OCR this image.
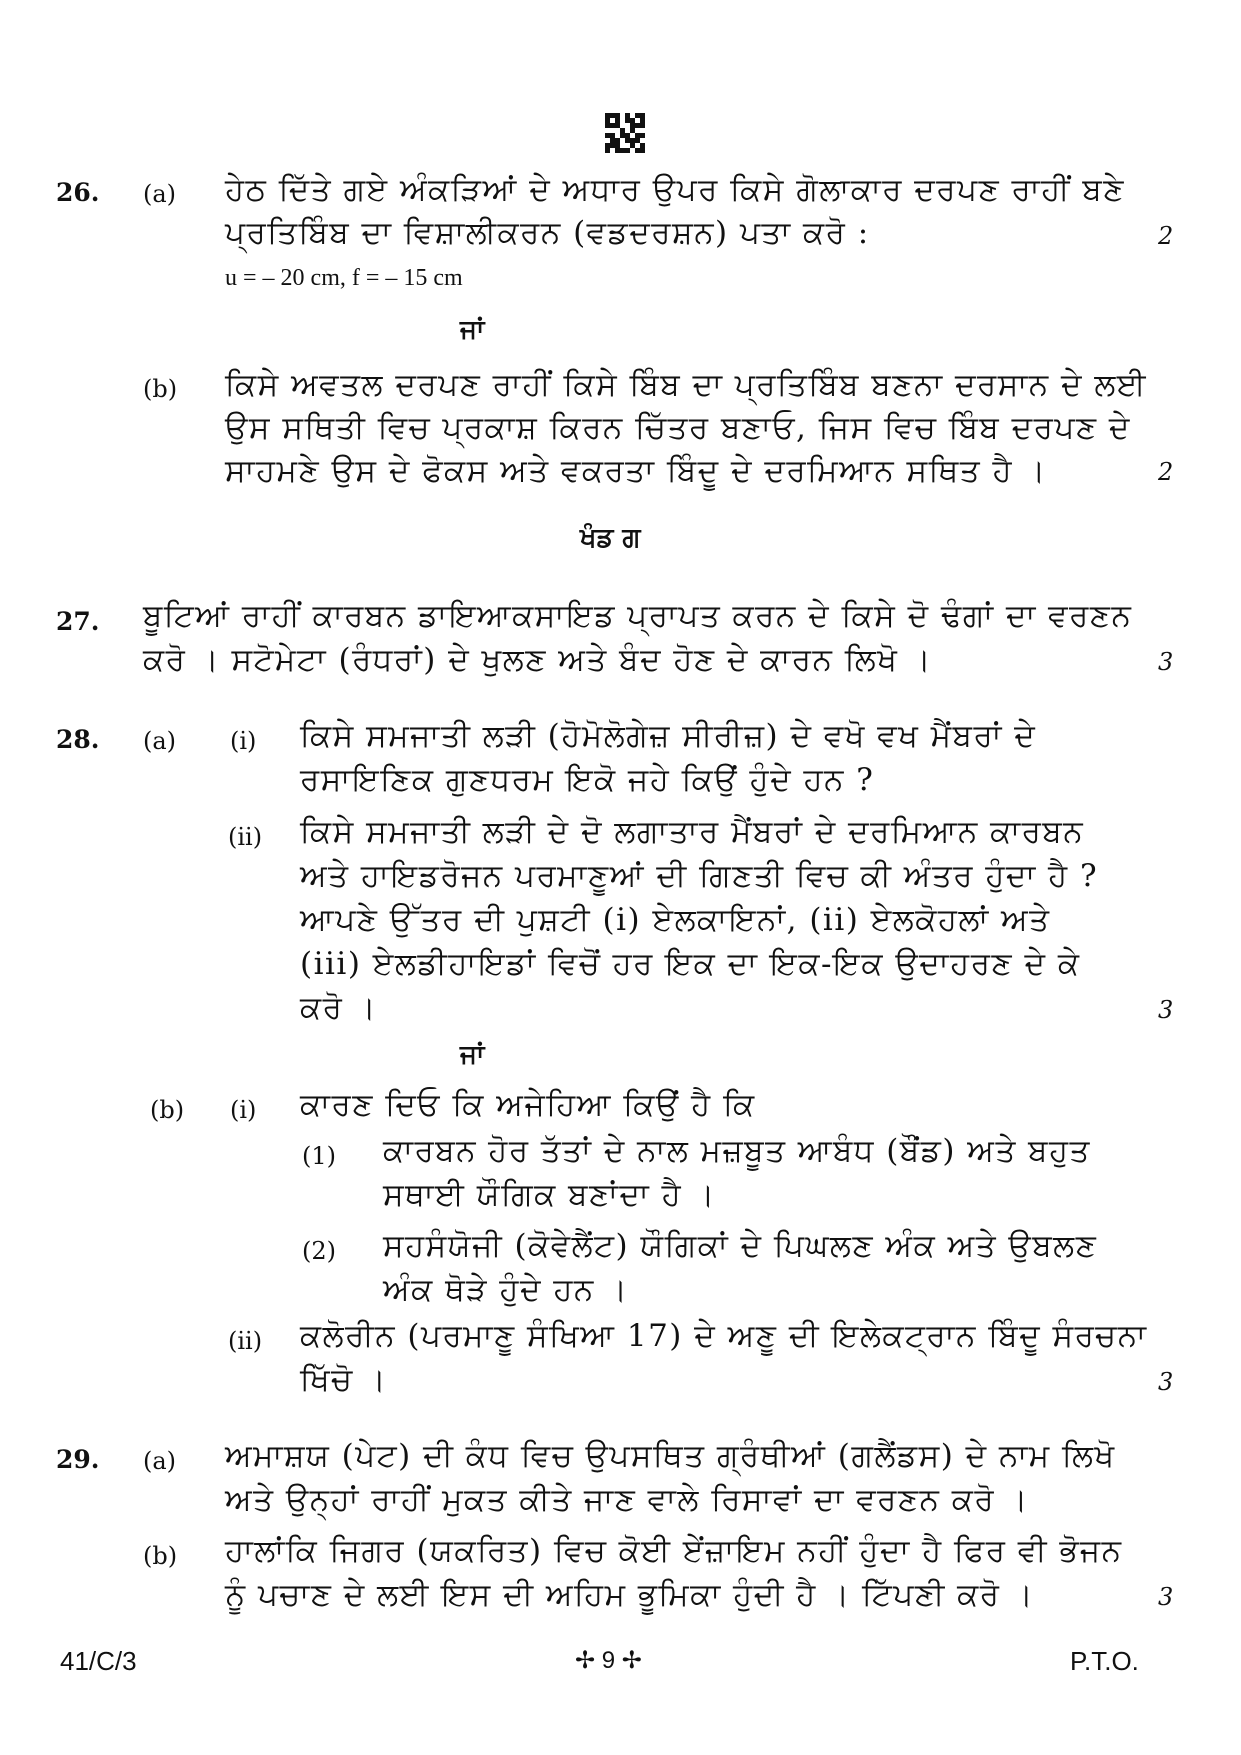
26. (a) ਹੇਠ ਦਿੱਤੇ ਗਏ ਅੰਕੜਿਆਂ ਦੇ ਅਧਾਰ ਉਪਰ ਕਿਸੇ ਗੋਲਾਕਾਰ ਦਰਪਣ ਰਾਹੀਂ ਬਣੇ
ਪ੍ਰਤਿਬਿੰਬ ਦਾ ਵਿਸ਼ਾਲੀਕਰਨ (ਵਡਦਰਸ਼ਨ) ਪਤਾ ਕਰੋ :	2
u = – 20 cm, f = – 15 cm
ਜਾਂ
(b) ਕਿਸੇ ਅਵਤਲ ਦਰਪਣ ਰਾਹੀਂ ਕਿਸੇ ਬਿੰਬ ਦਾ ਪ੍ਰਤਿਬਿੰਬ ਬਣਨਾ ਦਰਸਾਨ ਦੇ ਲਈ
ਉਸ ਸਥਿਤੀ ਵਿਚ ਪ੍ਰਕਾਸ਼ ਕਿਰਨ ਚਿੱਤਰ ਬਣਾਓ, ਜਿਸ ਵਿਚ ਬਿੰਬ ਦਰਪਣ ਦੇ
ਸਾਹਮਣੇ ਉਸ ਦੇ ਫੋਕਸ ਅਤੇ ਵਕਰਤਾ ਬਿੰਦੂ ਦੇ ਦਰਮਿਆਨ ਸਥਿਤ ਹੈ ।	2
ਖੰਡ ਗ
27. ਬੂਟਿਆਂ ਰਾਹੀਂ ਕਾਰਬਨ ਡਾਇਆਕਸਾਇਡ ਪ੍ਰਾਪਤ ਕਰਨ ਦੇ ਕਿਸੇ ਦੋ ਢੰਗਾਂ ਦਾ ਵਰਣਨ
ਕਰੋ । ਸਟੋਮੇਟਾ (ਰੰਧਰਾਂ) ਦੇ ਖੁਲਣ ਅਤੇ ਬੰਦ ਹੋਣ ਦੇ ਕਾਰਨ ਲਿਖੋ ।	3
28. (a) (i) ਕਿਸੇ ਸਮਜਾਤੀ ਲੜੀ (ਹੋਮੋਲੋਗੇਜ਼ ਸੀਰੀਜ਼) ਦੇ ਵਖੋ ਵਖ ਮੈਂਬਰਾਂ ਦੇ
ਰਸਾਇਣਿਕ ਗੁਣਧਰਮ ਇਕੋ ਜਹੇ ਕਿਉਂ ਹੁੰਦੇ ਹਨ ?
(ii) ਕਿਸੇ ਸਮਜਾਤੀ ਲੜੀ ਦੇ ਦੋ ਲਗਾਤਾਰ ਮੈਂਬਰਾਂ ਦੇ ਦਰਮਿਆਨ ਕਾਰਬਨ
ਅਤੇ ਹਾਇਡਰੋਜਨ ਪਰਮਾਣੂਆਂ ਦੀ ਗਿਣਤੀ ਵਿਚ ਕੀ ਅੰਤਰ ਹੁੰਦਾ ਹੈ ?
ਆਪਣੇ ਉੱਤਰ ਦੀ ਪੁਸ਼ਟੀ (i) ਏਲਕਾਇਨਾਂ, (ii) ਏਲਕੋਹਲਾਂ ਅਤੇ
(iii) ਏਲਡੀਹਾਇਡਾਂ ਵਿਚੋਂ ਹਰ ਇਕ ਦਾ ਇਕ-ਇਕ ਉਦਾਹਰਣ ਦੇ ਕੇ
ਕਰੋ ।	3
ਜਾਂ
(b) (i) ਕਾਰਣ ਦਿਓ ਕਿ ਅਜੇਹਿਆ ਕਿਉਂ ਹੈ ਕਿ
(1) ਕਾਰਬਨ ਹੋਰ ਤੱਤਾਂ ਦੇ ਨਾਲ ਮਜ਼ਬੂਤ ਆਬੰਧ (ਬੌਂਡ) ਅਤੇ ਬਹੁਤ
ਸਥਾਈ ਯੌਗਿਕ ਬਣਾਂਦਾ ਹੈ ।
(2) ਸਹਸੰਯੋਜੀ (ਕੋਵੇਲੈਂਟ) ਯੌਗਿਕਾਂ ਦੇ ਪਿਘਲਣ ਅੰਕ ਅਤੇ ਉਬਲਣ
ਅੰਕ ਥੋੜੇ ਹੁੰਦੇ ਹਨ ।
(ii) ਕਲੋਰੀਨ (ਪਰਮਾਣੂ ਸੰਖਿਆ 17) ਦੇ ਅਣੂ ਦੀ ਇਲੇਕਟ੍ਰਾਨ ਬਿੰਦੂ ਸੰਰਚਨਾ
ਖਿੱਚੋ ।	3
29. (a) ਅਮਾਸ਼ਯ (ਪੇਟ) ਦੀ ਕੰਧ ਵਿਚ ਉਪਸਥਿਤ ਗ੍ਰੰਥੀਆਂ (ਗਲੈਂਡਸ) ਦੇ ਨਾਮ ਲਿਖੋ
ਅਤੇ ਉਨ੍ਹਾਂ ਰਾਹੀਂ ਮੁਕਤ ਕੀਤੇ ਜਾਣ ਵਾਲੇ ਰਿਸਾਵਾਂ ਦਾ ਵਰਣਨ ਕਰੋ ।
(b) ਹਾਲਾਂਕਿ ਜਿਗਰ (ਯਕਰਿਤ) ਵਿਚ ਕੋਈ ਏਂਜ਼ਾਇਮ ਨਹੀਂ ਹੁੰਦਾ ਹੈ ਫਿਰ ਵੀ ਭੋਜਨ
ਨੂੰ ਪਚਾਣ ਦੇ ਲਈ ਇਸ ਦੀ ਅਹਿਮ ਭੂਮਿਕਾ ਹੁੰਦੀ ਹੈ । ਟਿੱਪਣੀ ਕਰੋ ।	3
41/C/3	✢ 9 ✢	P.T.O.
